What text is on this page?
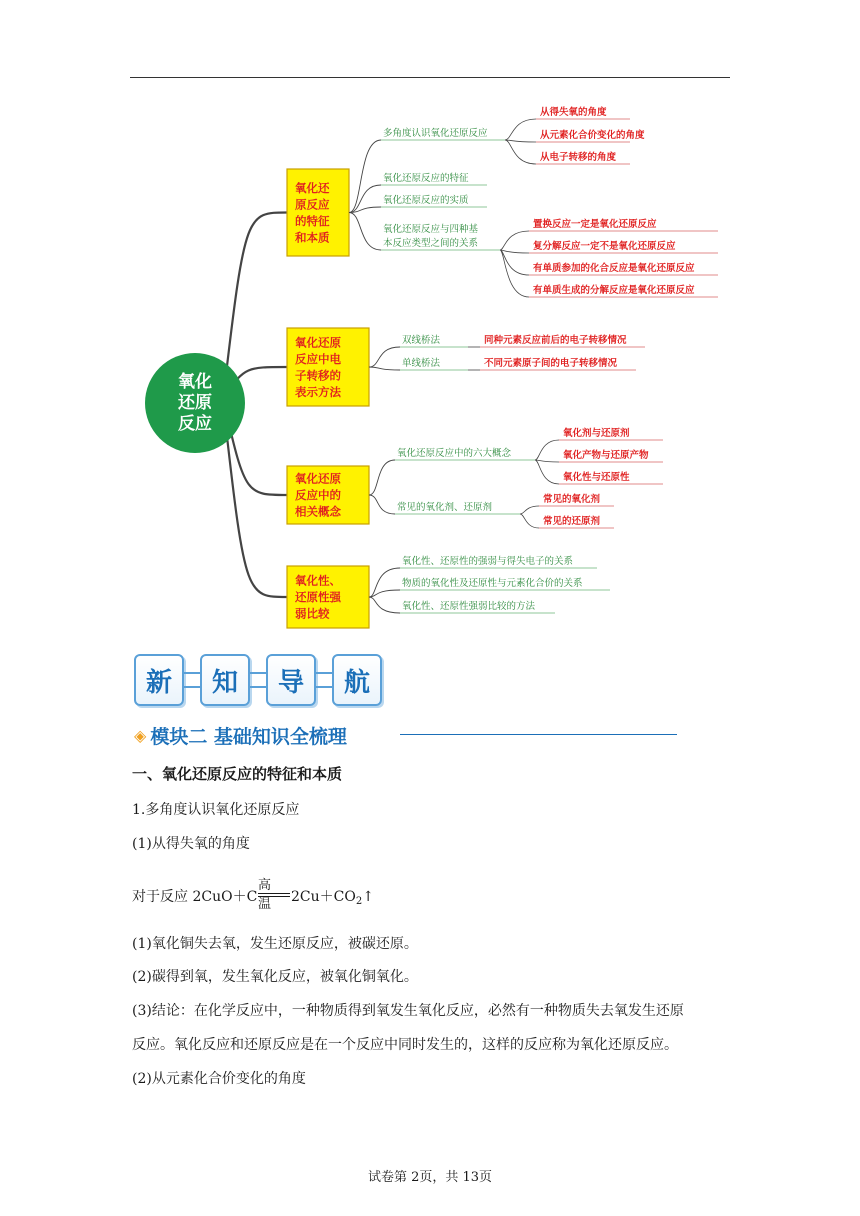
氧化
还原
反应
氧化还
原反应
的特征
和本质
多角度认识氧化还原反应
从得失氧的角度
从元素化合价变化的角度
从电子转移的角度
氧化还原反应的特征
氧化还原反应的实质
氧化还原反应与四种基本反应类型之间的关系
置换反应一定是氧化还原反应
复分解反应一定不是氧化还原反应
有单质参加的化合反应是氧化还原反应
有单质生成的分解反应是氧化还原反应
氧化还原
反应中电
子转移的
表示方法
双线桥法	同种元素反应前后的电子转移情况
单线桥法	不同元素原子间的电子转移情况
氧化还原
反应中的
相关概念
氧化还原反应中的六大概念
氧化剂与还原剂
氧化产物与还原产物
氧化性与还原性
常见的氧化剂、还原剂
常见的氧化剂
常见的还原剂
氧化性、
还原性强
弱比较
氧化性、还原性的强弱与得失电子的关系
物质的氧化性及还原性与元素化合价的关系
氧化性、还原性强弱比较的方法
新	知	导	航
◈ 模块二 基础知识全梳理
一、氧化还原反应的特征和本质
1.多角度认识氧化还原反应
(1)从得失氧的角度
对于反应 2CuO＋C
高温 $2Cu+CO_2↑$
(1)氧化铜失去氧，发生还原反应，被碳还原。
(2)碳得到氧，发生氧化反应，被氧化铜氧化。
(3)结论：在化学反应中，一种物质得到氧发生氧化反应，必然有一种物质失去氧发生还原
反应。氧化反应和还原反应是在一个反应中同时发生的，这样的反应称为氧化还原反应。
(2)从元素化合价变化的角度
试卷第 2页，共 13页
